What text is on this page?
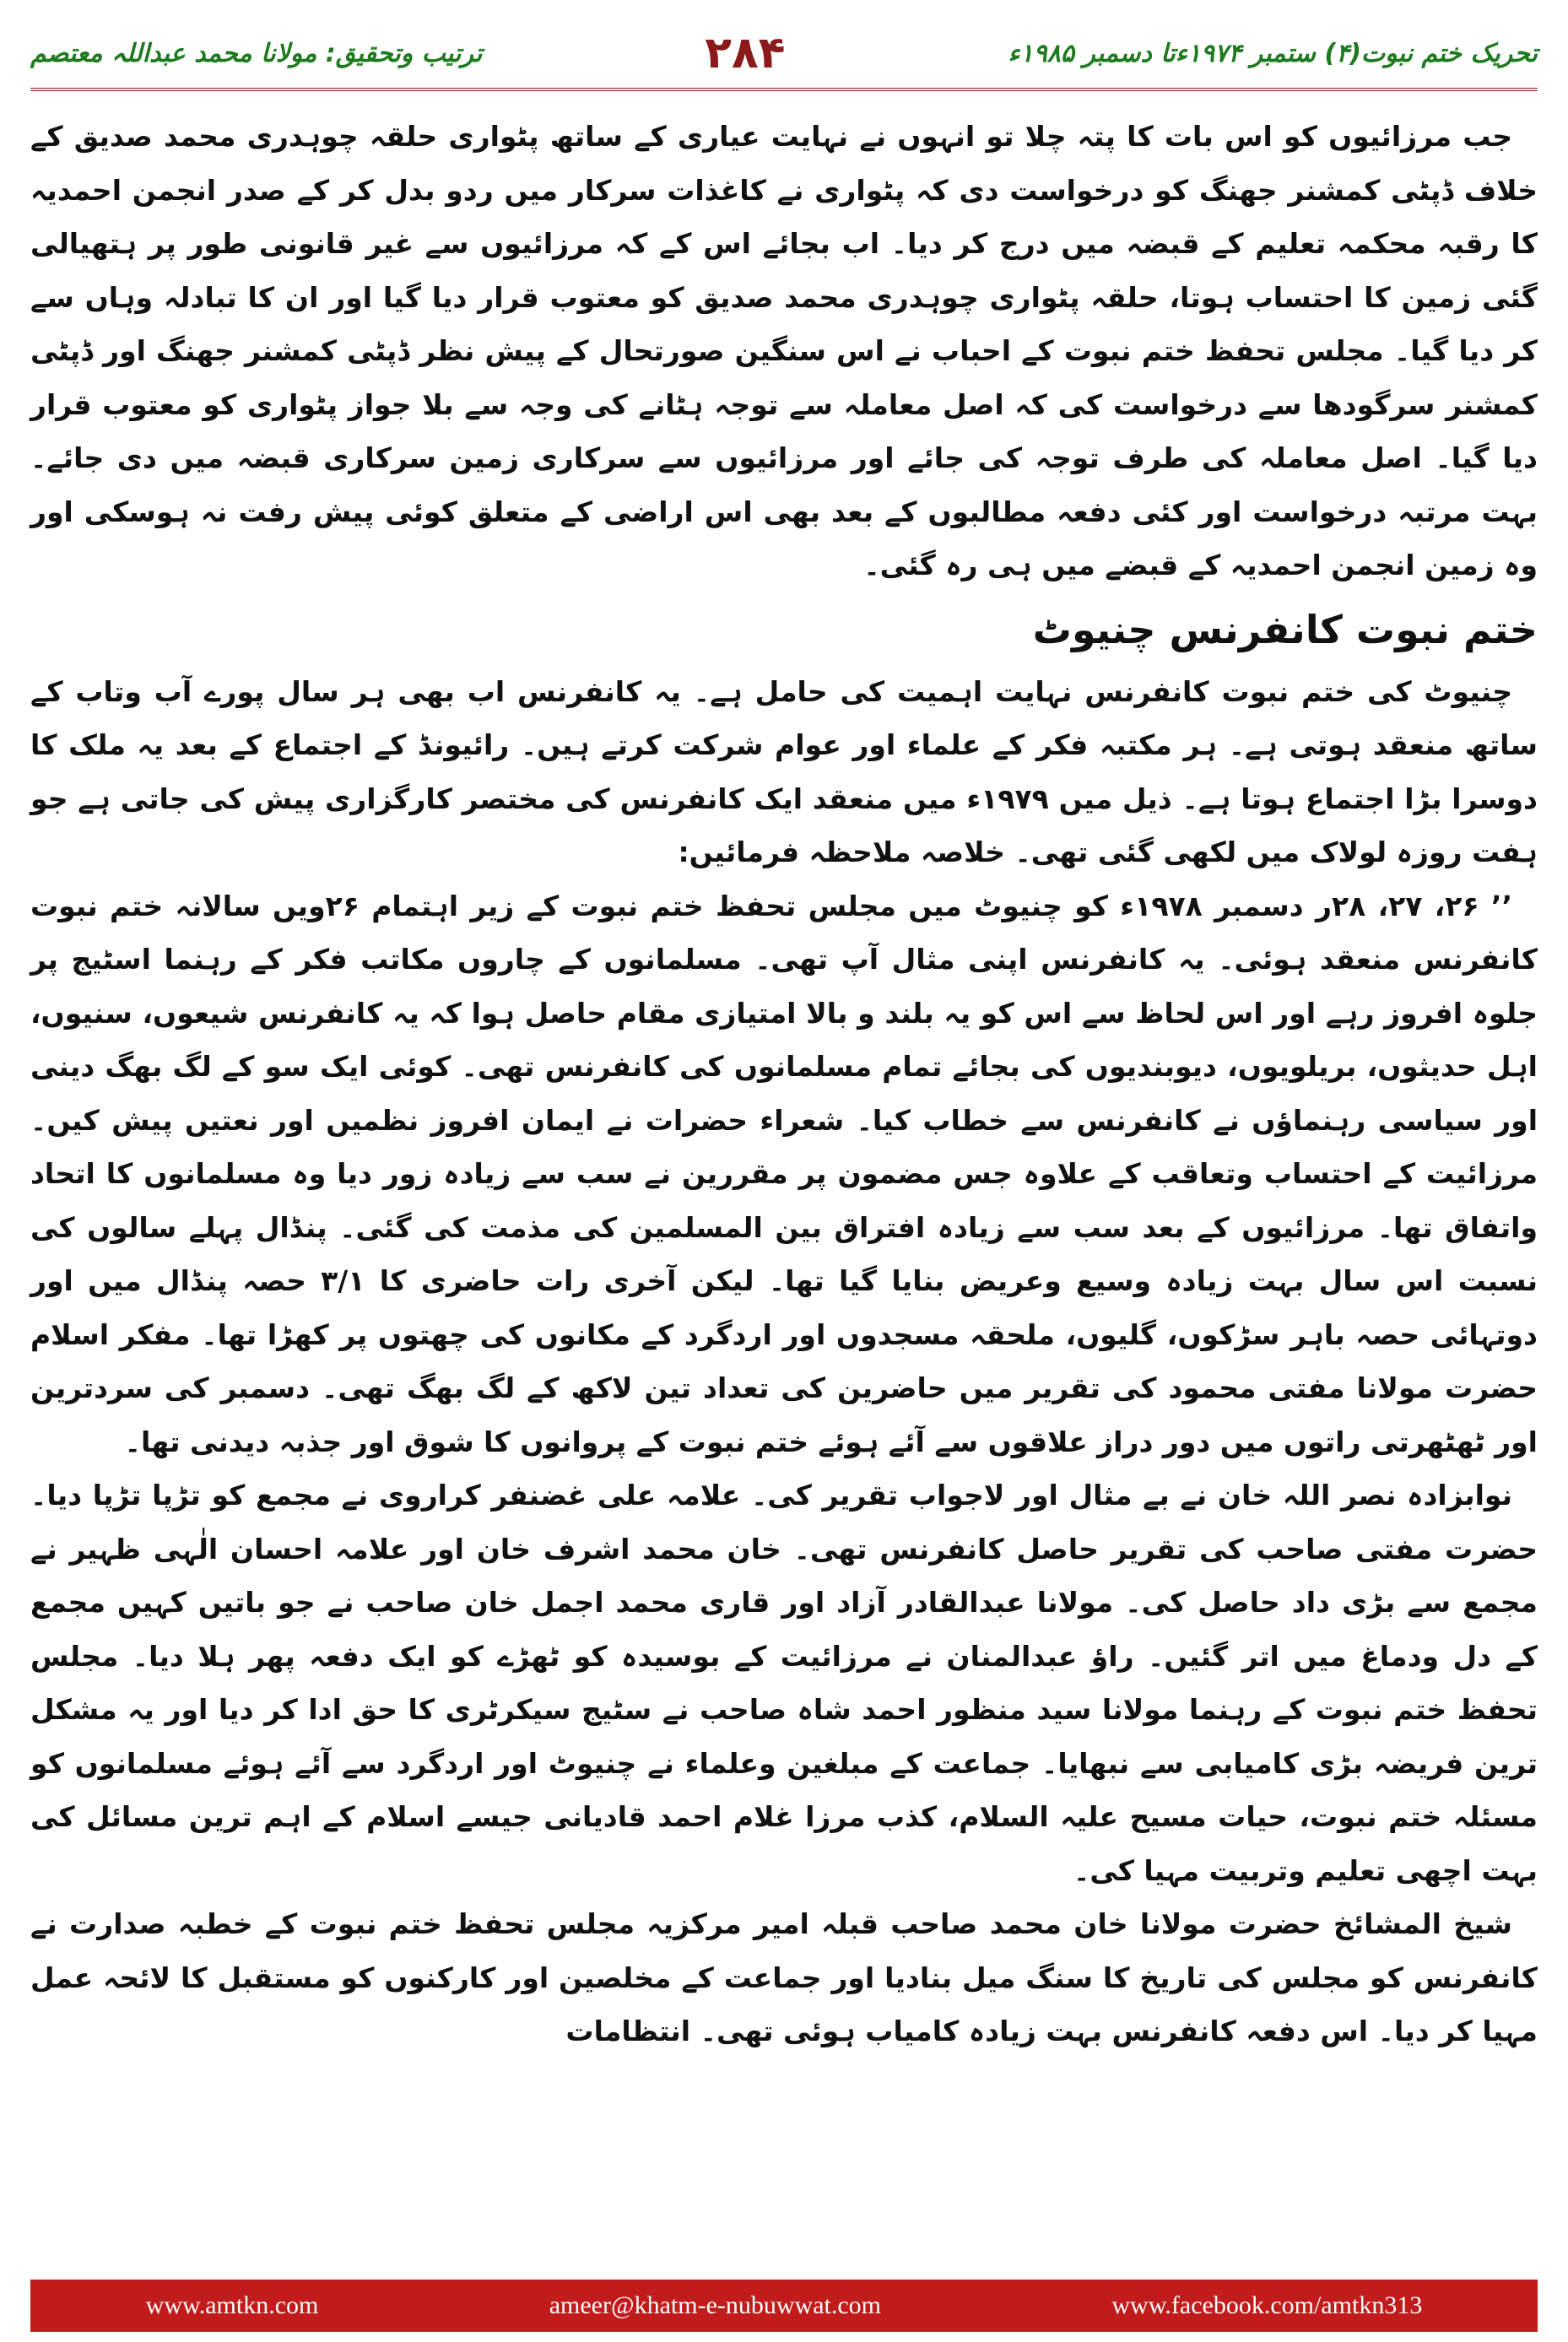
تحریک ختم نبوت(۴) ستمبر ۱۹۷۴ءتا دسمبر ۱۹۸۵ء
۲۸۴
ترتیب وتحقیق: مولانا محمد عبداللہ معتصم

جب مرزائیوں کو اس بات کا پتہ چلا تو انہوں نے نہایت عیاری کے ساتھ پٹواری حلقہ چوہدری محمد صدیق کے خلاف ڈپٹی کمشنر جھنگ کو درخواست دی کہ پٹواری نے کاغذات سرکار میں ردو بدل کر کے صدر انجمن احمدیہ کا رقبہ محکمہ تعلیم کے قبضہ میں درج کر دیا۔ اب بجائے اس کے کہ مرزائیوں سے غیر قانونی طور پر ہتھیالی گئی زمین کا احتساب ہوتا، حلقہ پٹواری چوہدری محمد صدیق کو معتوب قرار دیا گیا اور ان کا تبادلہ وہاں سے کر دیا گیا۔ مجلس تحفظ ختم نبوت کے احباب نے اس سنگین صورتحال کے پیش نظر ڈپٹی کمشنر جھنگ اور ڈپٹی کمشنر سرگودھا سے درخواست کی کہ اصل معاملہ سے توجہ ہٹانے کی وجہ سے بلا جواز پٹواری کو معتوب قرار دیا گیا۔ اصل معاملہ کی طرف توجہ کی جائے اور مرزائیوں سے سرکاری زمین سرکاری قبضہ میں دی جائے۔ بہت مرتبہ درخواست اور کئی دفعہ مطالبوں کے بعد بھی اس اراضی کے متعلق کوئی پیش رفت نہ ہوسکی اور وہ زمین انجمن احمدیہ کے قبضے میں ہی رہ گئی۔

ختم نبوت کانفرنس چنیوٹ

چنیوٹ کی ختم نبوت کانفرنس نہایت اہمیت کی حامل ہے۔ یہ کانفرنس اب بھی ہر سال پورے آب وتاب کے ساتھ منعقد ہوتی ہے۔ ہر مکتبہ فکر کے علماء اور عوام شرکت کرتے ہیں۔ رائیونڈ کے اجتماع کے بعد یہ ملک کا دوسرا بڑا اجتماع ہوتا ہے۔ ذیل میں ۱۹۷۹ء میں منعقد ایک کانفرنس کی مختصر کارگزاری پیش کی جاتی ہے جو ہفت روزہ لولاک میں لکھی گئی تھی۔ خلاصہ ملاحظہ فرمائیں:

’’ ۲۶، ۲۷، ۲۸ر دسمبر ۱۹۷۸ء کو چنیوٹ میں مجلس تحفظ ختم نبوت کے زیر اہتمام ۲۶ویں سالانہ ختم نبوت کانفرنس منعقد ہوئی۔ یہ کانفرنس اپنی مثال آپ تھی۔ مسلمانوں کے چاروں مکاتب فکر کے رہنما اسٹیج پر جلوہ افروز رہے اور اس لحاظ سے اس کو یہ بلند و بالا امتیازی مقام حاصل ہوا کہ یہ کانفرنس شیعوں، سنیوں، اہل حدیثوں، بریلویوں، دیوبندیوں کی بجائے تمام مسلمانوں کی کانفرنس تھی۔ کوئی ایک سو کے لگ بھگ دینی اور سیاسی رہنماؤں نے کانفرنس سے خطاب کیا۔ شعراء حضرات نے ایمان افروز نظمیں اور نعتیں پیش کیں۔ مرزائیت کے احتساب وتعاقب کے علاوہ جس مضمون پر مقررین نے سب سے زیادہ زور دیا وہ مسلمانوں کا اتحاد واتفاق تھا۔ مرزائیوں کے بعد سب سے زیادہ افتراق بین المسلمین کی مذمت کی گئی۔ پنڈال پہلے سالوں کی نسبت اس سال بہت زیادہ وسیع وعریض بنایا گیا تھا۔ لیکن آخری رات حاضری کا ۳/۱ حصہ پنڈال میں اور دوتہائی حصہ باہر سڑکوں، گلیوں، ملحقہ مسجدوں اور اردگرد کے مکانوں کی چھتوں پر کھڑا تھا۔ مفکر اسلام حضرت مولانا مفتی محمود کی تقریر میں حاضرین کی تعداد تین لاکھ کے لگ بھگ تھی۔ دسمبر کی سردترین اور ٹھٹھرتی راتوں میں دور دراز علاقوں سے آئے ہوئے ختم نبوت کے پروانوں کا شوق اور جذبہ دیدنی تھا۔

نوابزادہ نصر اللہ خان نے بے مثال اور لاجواب تقریر کی۔ علامہ علی غضنفر کراروی نے مجمع کو تڑپا تڑپا دیا۔ حضرت مفتی صاحب کی تقریر حاصل کانفرنس تھی۔ خان محمد اشرف خان اور علامہ احسان الٰہی ظہیر نے مجمع سے بڑی داد حاصل کی۔ مولانا عبدالقادر آزاد اور قاری محمد اجمل خان صاحب نے جو باتیں کہیں مجمع کے دل ودماغ میں اتر گئیں۔ راؤ عبدالمنان نے مرزائیت کے بوسیدہ کو ٹھڑے کو ایک دفعہ پھر ہلا دیا۔ مجلس تحفظ ختم نبوت کے رہنما مولانا سید منظور احمد شاہ صاحب نے سٹیج سیکرٹری کا حق ادا کر دیا اور یہ مشکل ترین فریضہ بڑی کامیابی سے نبھایا۔ جماعت کے مبلغین وعلماء نے چنیوٹ اور اردگرد سے آئے ہوئے مسلمانوں کو مسئلہ ختم نبوت، حیات مسیح علیہ السلام، کذب مرزا غلام احمد قادیانی جیسے اسلام کے اہم ترین مسائل کی بہت اچھی تعلیم وتربیت مہیا کی۔

شیخ المشائخ حضرت مولانا خان محمد صاحب قبلہ امیر مرکزیہ مجلس تحفظ ختم نبوت کے خطبہ صدارت نے کانفرنس کو مجلس کی تاریخ کا سنگ میل بنادیا اور جماعت کے مخلصین اور کارکنوں کو مستقبل کا لائحہ عمل مہیا کر دیا۔ اس دفعہ کانفرنس بہت زیادہ کامیاب ہوئی تھی۔ انتظامات

www.amtkn.com	ameer@khatm-e-nubuwwat.com	www.facebook.com/amtkn313
